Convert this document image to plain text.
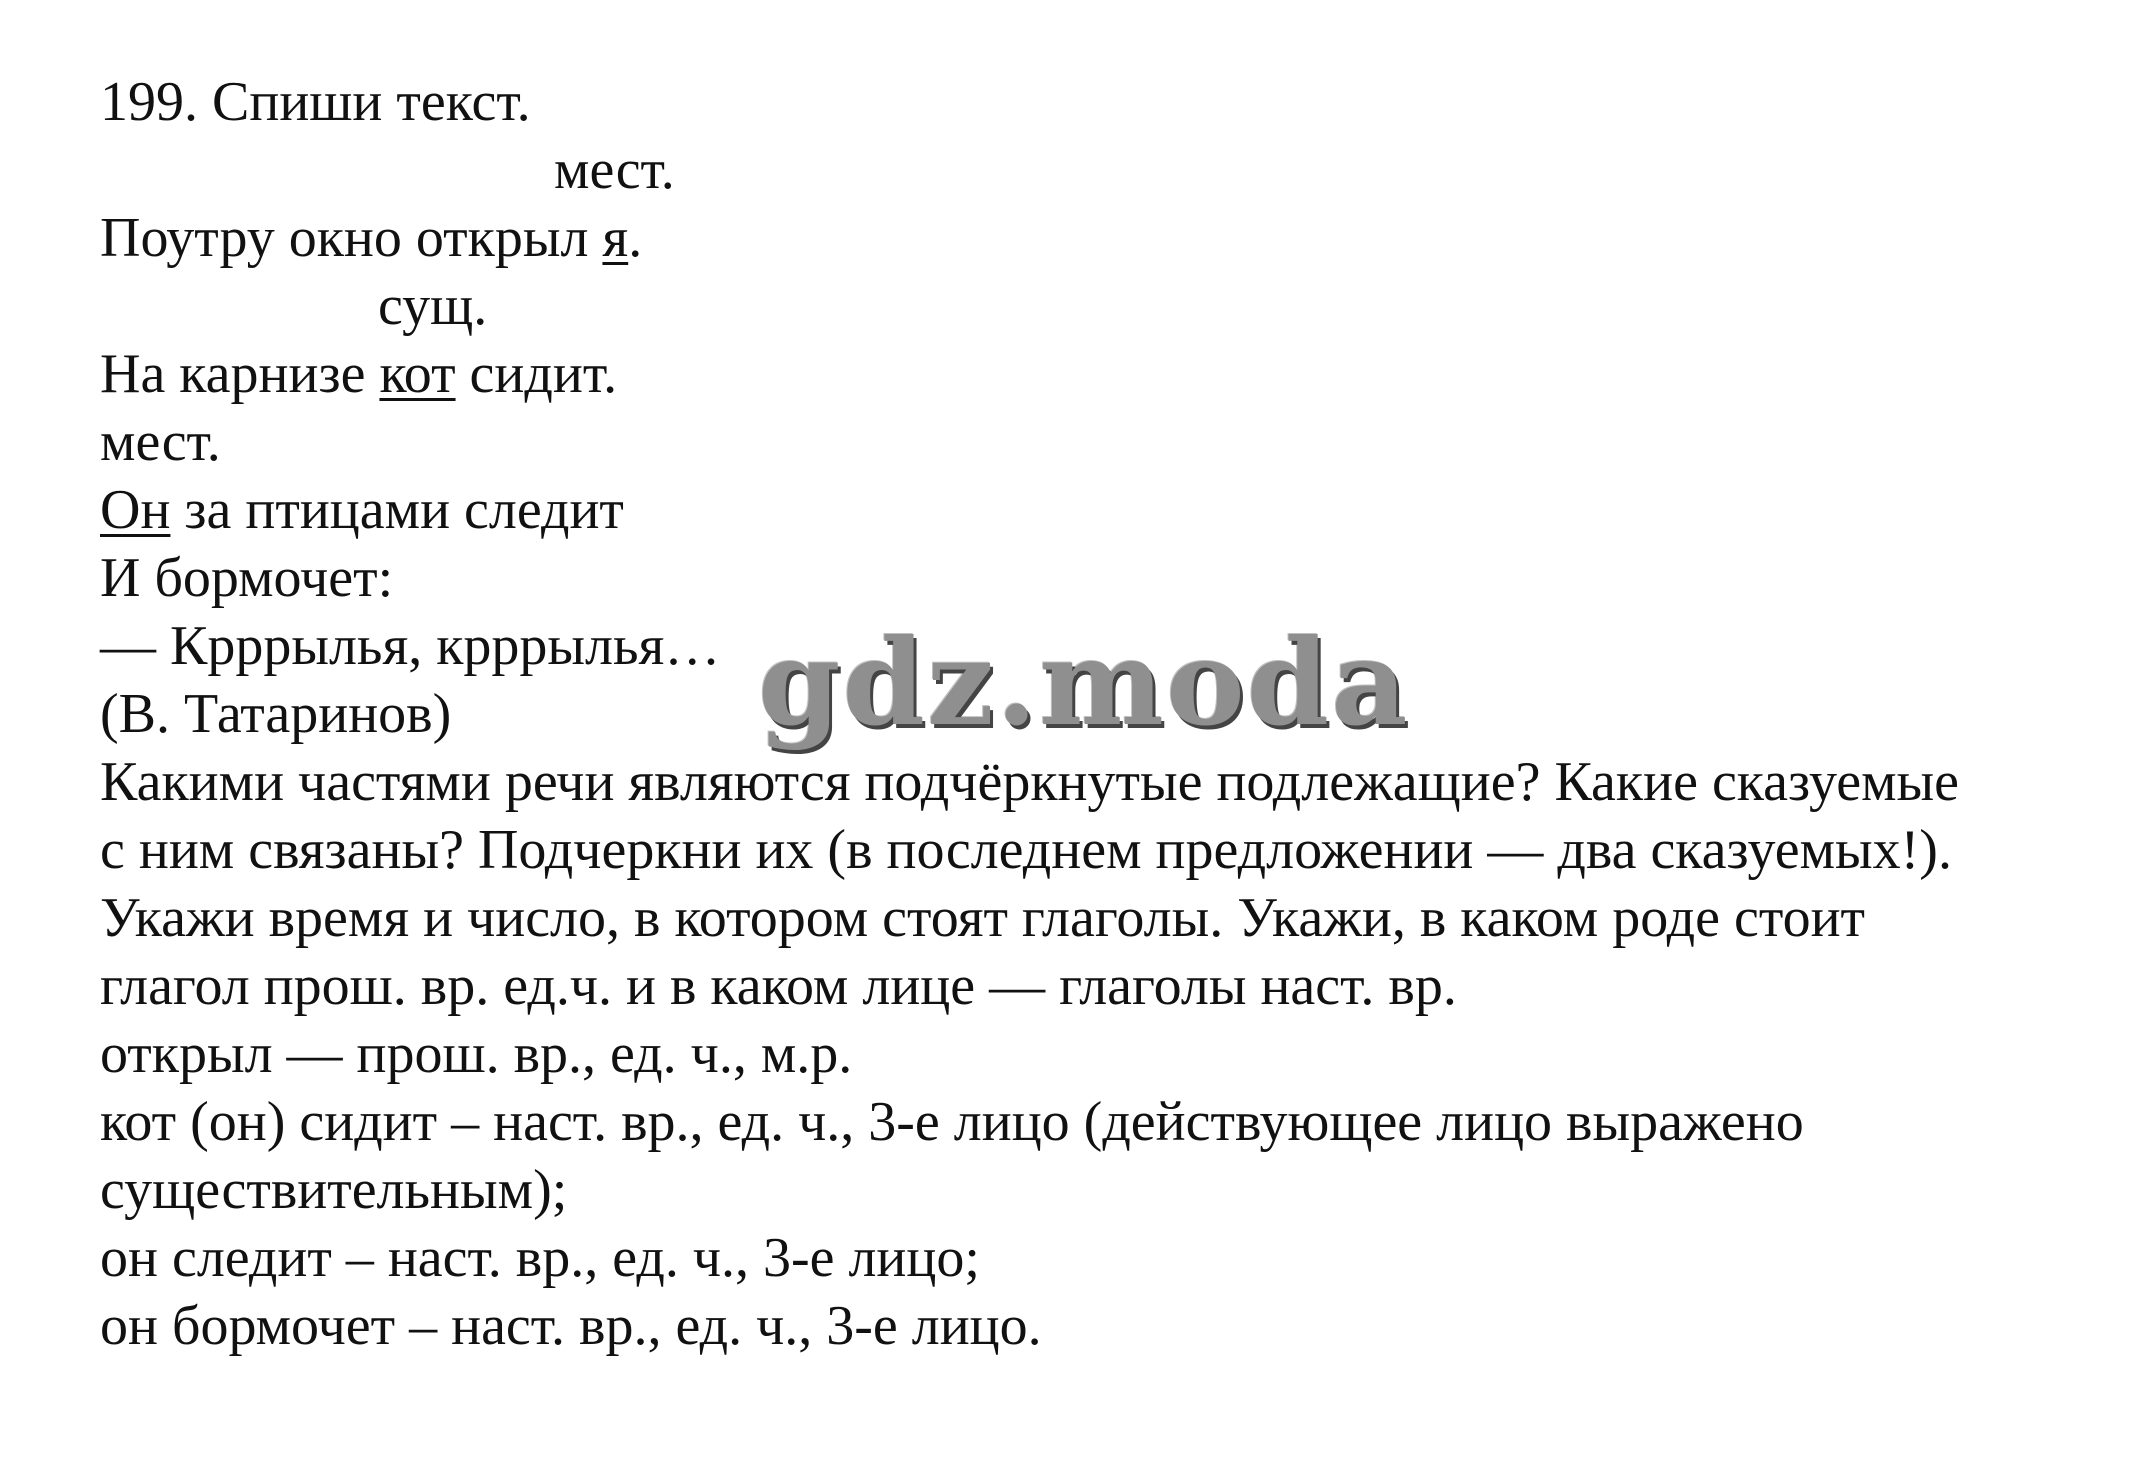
199. Спиши текст.
мест.
Поутру окно открыл я.
сущ.
На карнизе кот сидит.
мест.
Он за птицами следит
И бормочет:
— Крррылья, крррылья…
(В. Татаринов)
Какими частями речи являются подчёркнутые подлежащие? Какие сказуемые
с ним связаны? Подчеркни их (в последнем предложении — два сказуемых!).
Укажи время и число, в котором стоят глаголы. Укажи, в каком роде стоит
глагол прош. вр. ед.ч. и в каком лице — глаголы наст. вр.
открыл — прош. вр., ед. ч., м.р.
кот (он) сидит – наст. вр., ед. ч., 3-е лицо (действующее лицо выражено
существительным);
он следит – наст. вр., ед. ч., 3-е лицо;
он бормочет – наст. вр., ед. ч., 3-е лицо.
gdz.moda
